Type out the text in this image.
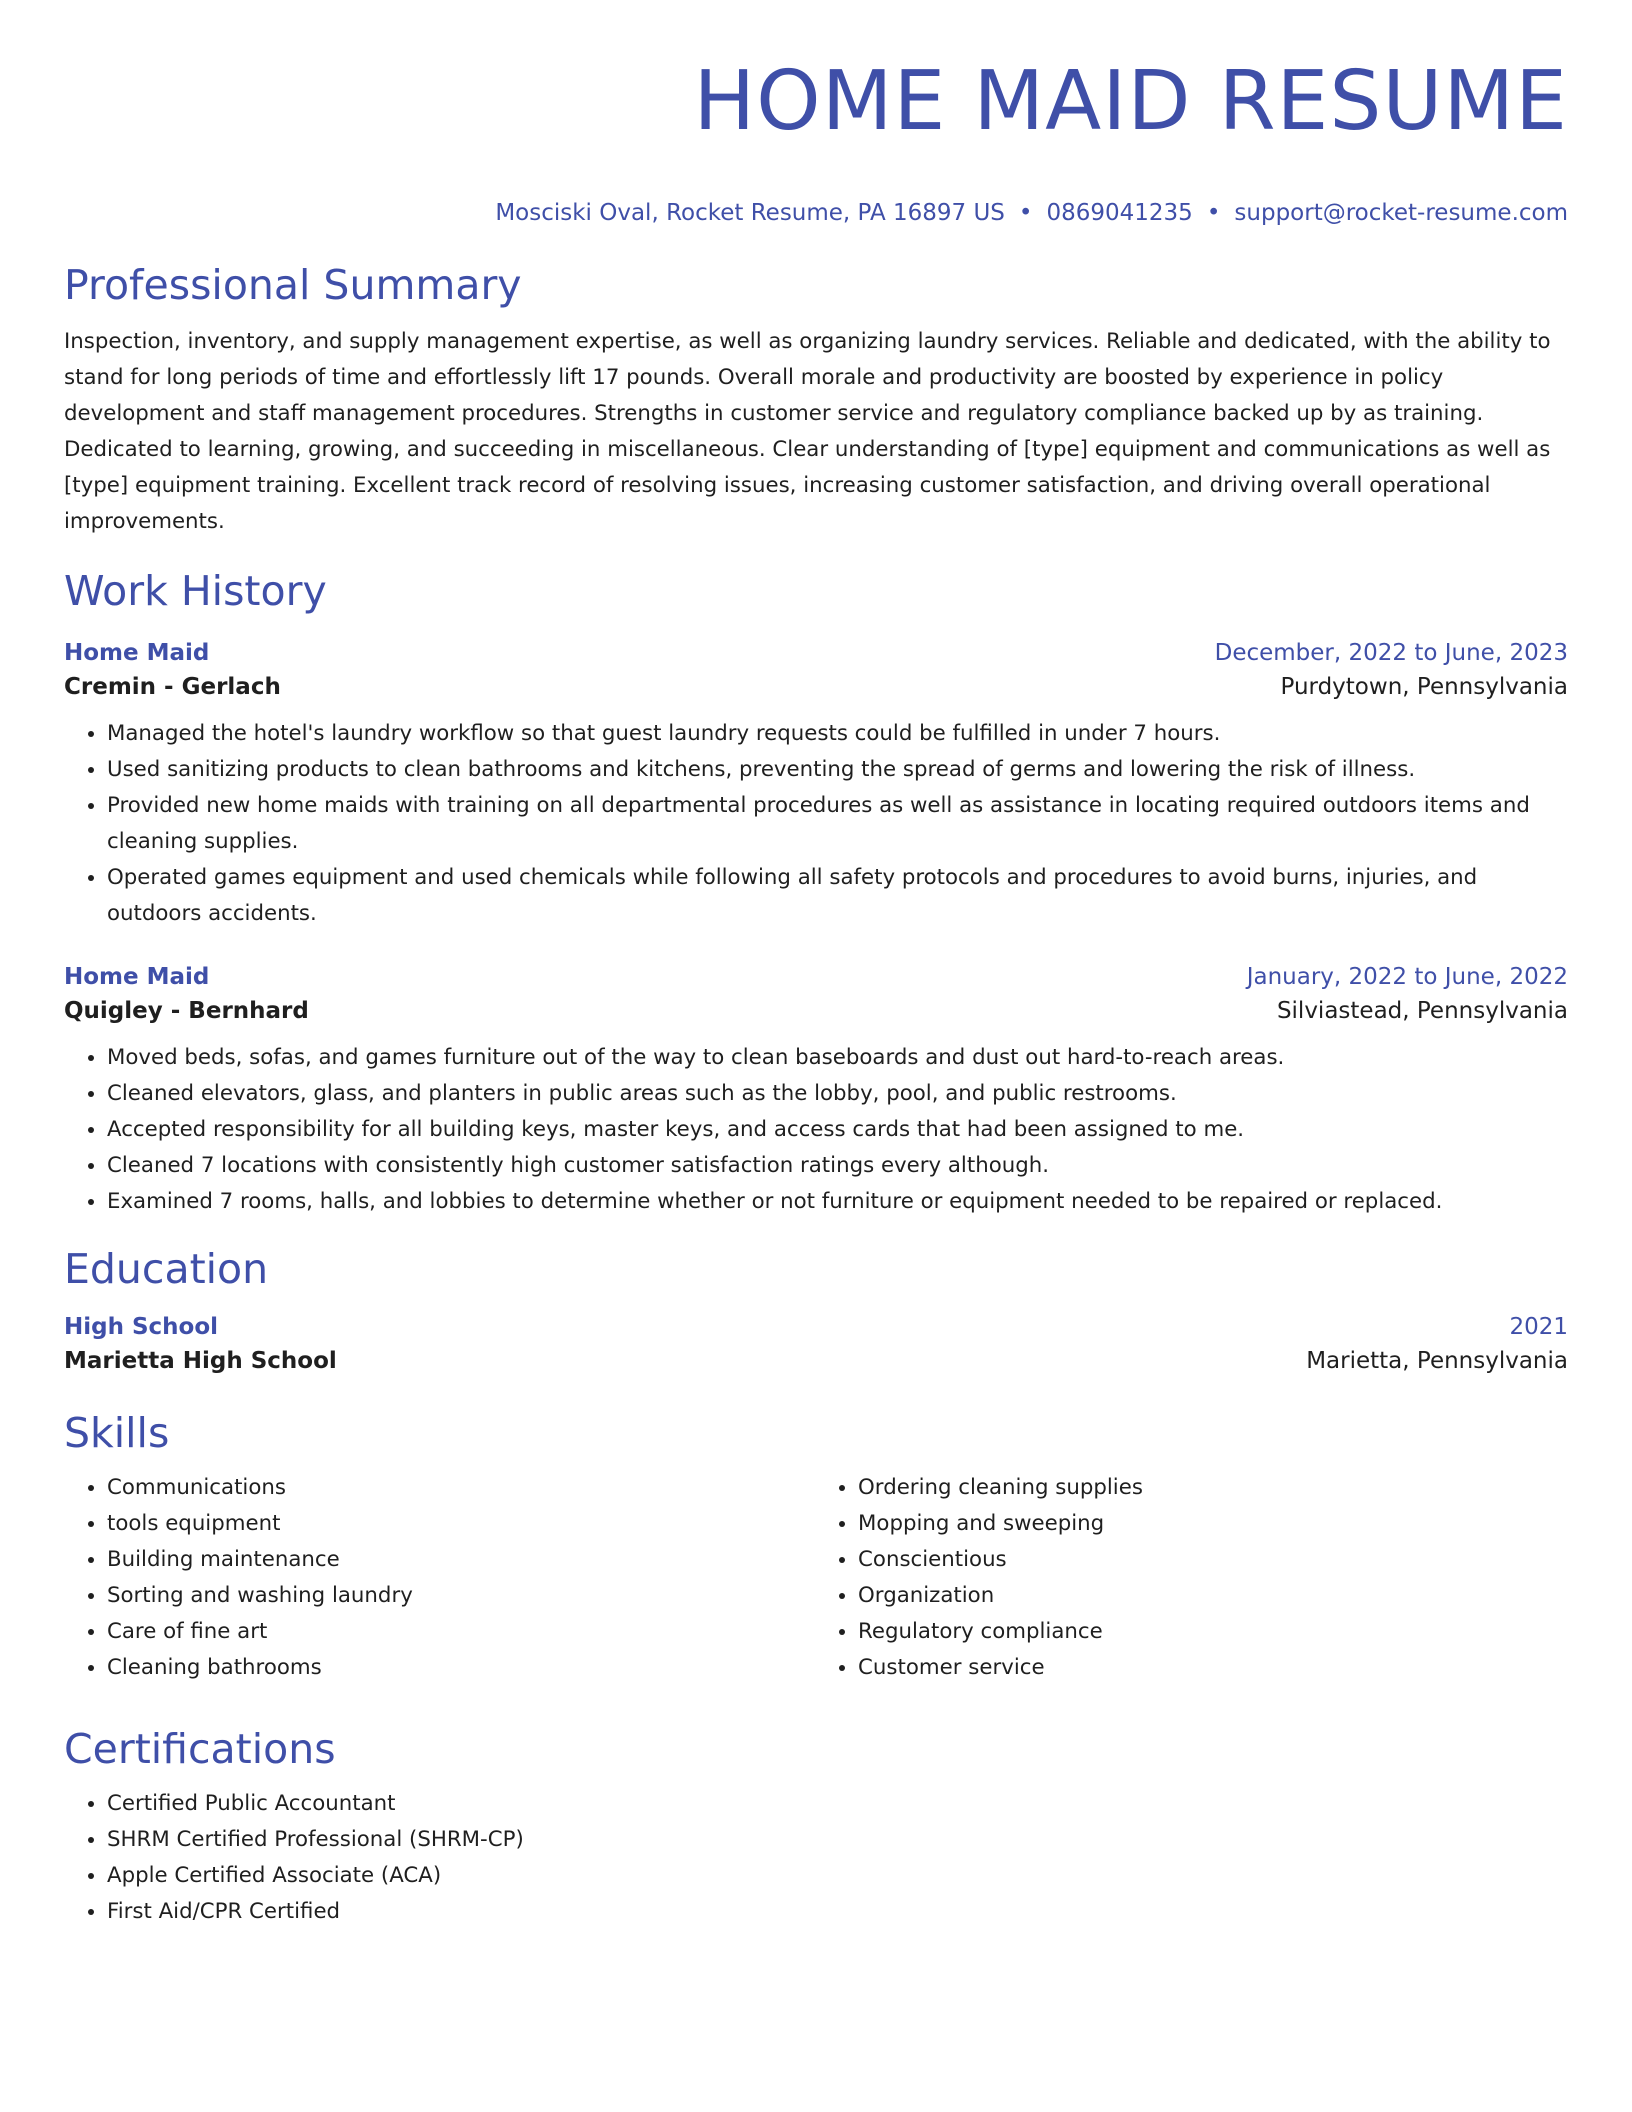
HOME MAID RESUME
Mosciski Oval, Rocket Resume, PA 16897 US • 0869041235 • support@rocket-resume.com
Professional Summary

Inspection, inventory, and supply management expertise, as well as organizing laundry services. Reliable and dedicated, with the ability to stand for long periods of time and effortlessly lift 17 pounds. Overall morale and productivity are boosted by experience in policy development and staff management procedures. Strengths in customer service and regulatory compliance backed up by as training. Dedicated to learning, growing, and succeeding in miscellaneous. Clear understanding of [type] equipment and communications as well as [type] equipment training. Excellent track record of resolving issues, increasing customer satisfaction, and driving overall operational improvements.

Work History
Home Maid	December, 2022 to June, 2023
Cremin - Gerlach	Purdytown, Pennsylvania
• Managed the hotel's laundry workflow so that guest laundry requests could be fulfilled in under 7 hours.
• Used sanitizing products to clean bathrooms and kitchens, preventing the spread of germs and lowering the risk of illness.
• Provided new home maids with training on all departmental procedures as well as assistance in locating required outdoors items and cleaning supplies.
• Operated games equipment and used chemicals while following all safety protocols and procedures to avoid burns, injuries, and outdoors accidents.
Home Maid	January, 2022 to June, 2022
Quigley - Bernhard	Silviastead, Pennsylvania
• Moved beds, sofas, and games furniture out of the way to clean baseboards and dust out hard-to-reach areas.
• Cleaned elevators, glass, and planters in public areas such as the lobby, pool, and public restrooms.
• Accepted responsibility for all building keys, master keys, and access cards that had been assigned to me.
• Cleaned 7 locations with consistently high customer satisfaction ratings every although.
• Examined 7 rooms, halls, and lobbies to determine whether or not furniture or equipment needed to be repaired or replaced.
Education
High School	2021
Marietta High School	Marietta, Pennsylvania
Skills
• Communications
• tools equipment
• Building maintenance
• Sorting and washing laundry
• Care of fine art
• Cleaning bathrooms
• Ordering cleaning supplies
• Mopping and sweeping
• Conscientious
• Organization
• Regulatory compliance
• Customer service
Certifications
• Certified Public Accountant
• SHRM Certified Professional (SHRM-CP)
• Apple Certified Associate (ACA)
• First Aid/CPR Certified
